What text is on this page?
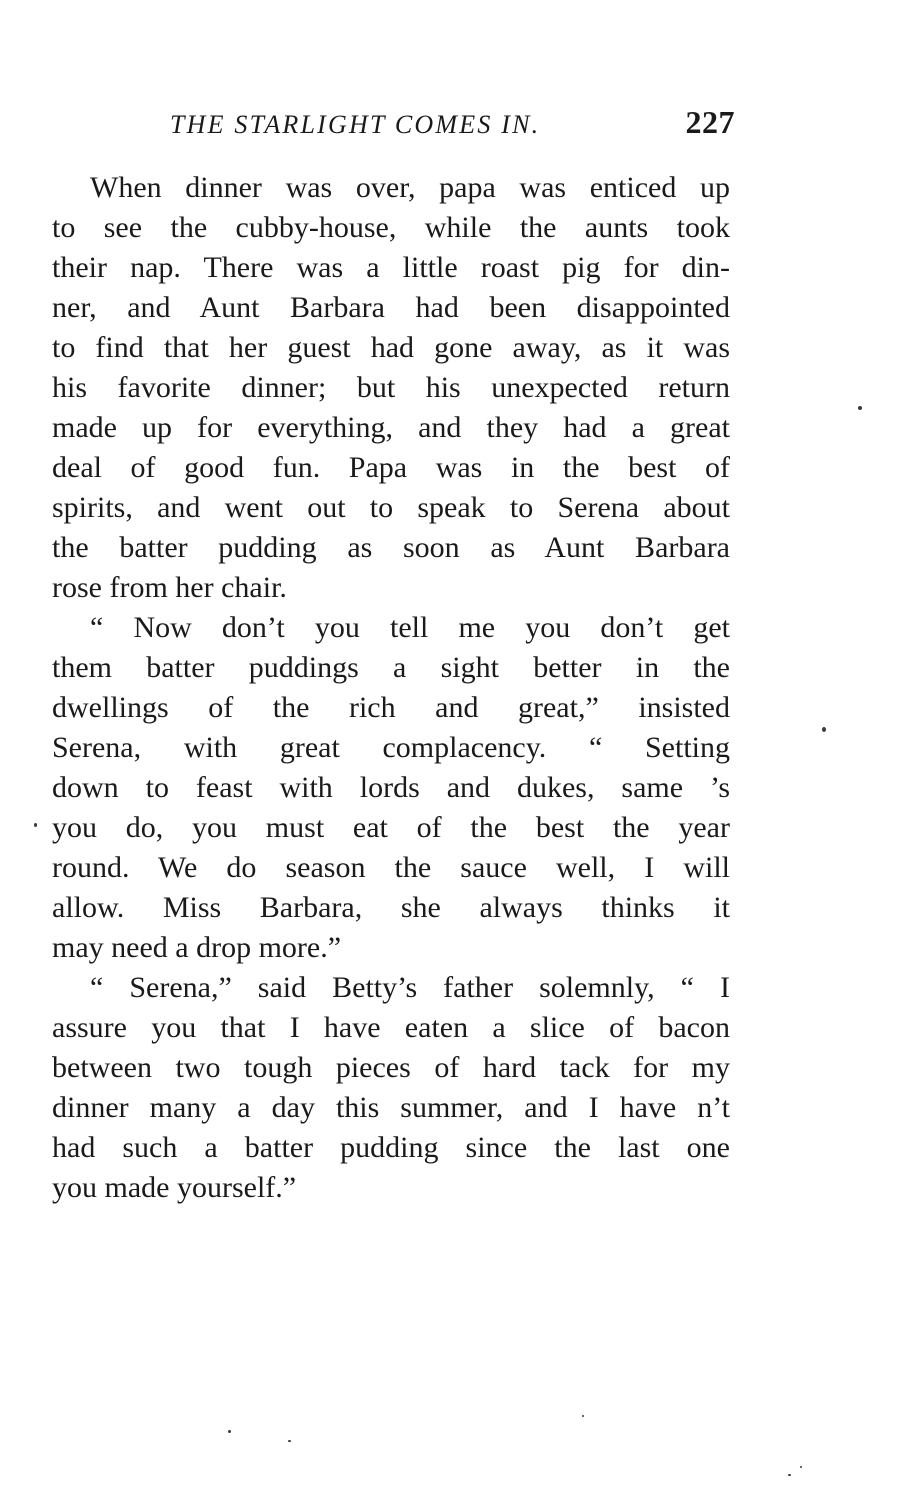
THE STARLIGHT COMES IN.	227
When dinner was over, papa was enticed up
to see the cubby-house, while the aunts took
their nap. There was a little roast pig for din-
ner, and Aunt Barbara had been disappointed
to find that her guest had gone away, as it was
his favorite dinner; but his unexpected return
made up for everything, and they had a great
deal of good fun. Papa was in the best of
spirits, and went out to speak to Serena about
the batter pudding as soon as Aunt Barbara
rose from her chair.
“ Now don’t you tell me you don’t get
them batter puddings a sight better in the
dwellings of the rich and great,” insisted
Serena, with great complacency. “ Setting
down to feast with lords and dukes, same ’s
you do, you must eat of the best the year
round. We do season the sauce well, I will
allow. Miss Barbara, she always thinks it
may need a drop more.”
“ Serena,” said Betty’s father solemnly, “ I
assure you that I have eaten a slice of bacon
between two tough pieces of hard tack for my
dinner many a day this summer, and I have n’t
had such a batter pudding since the last one
you made yourself.”
